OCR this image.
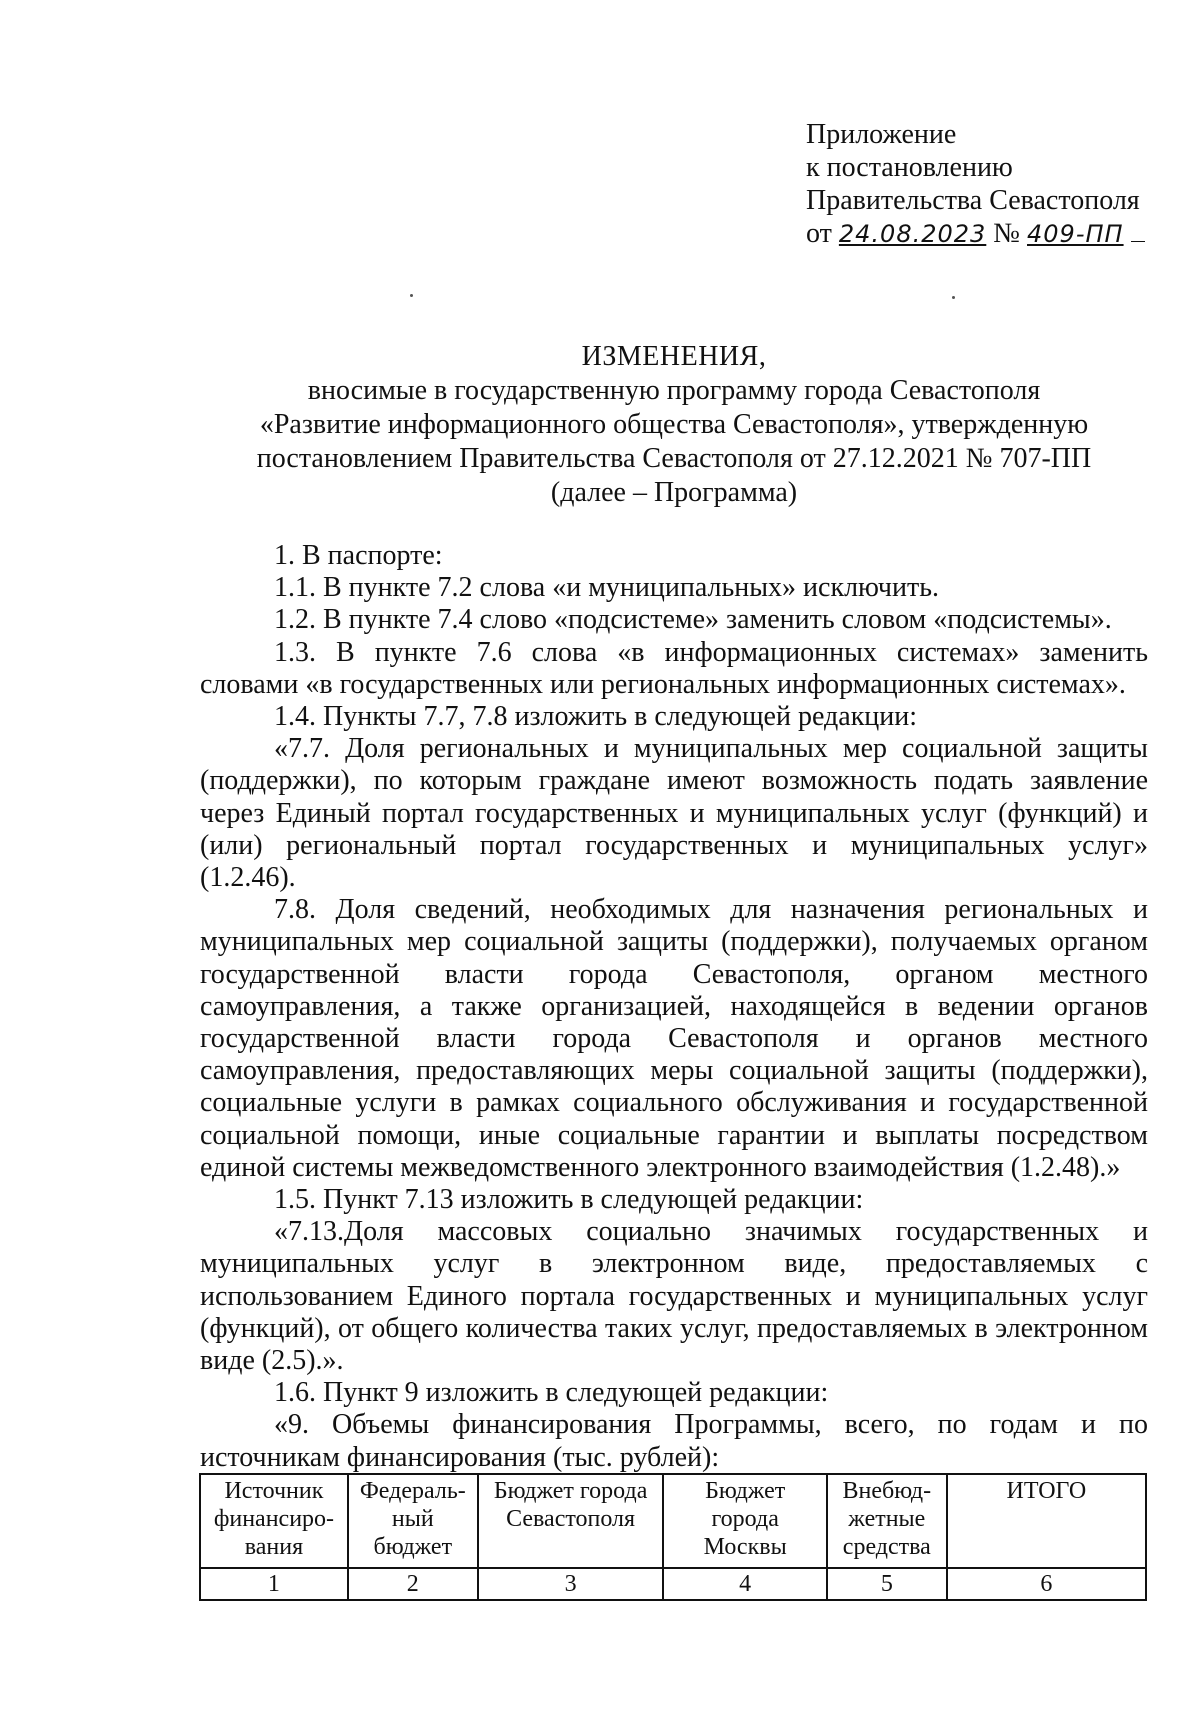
Приложение
к постановлению
Правительства Севастополя
от 24.08.2023 № 409-ПП
ИЗМЕНЕНИЯ,
вносимые в государственную программу города Севастополя
«Развитие информационного общества Севастополя», утвержденную
постановлением Правительства Севастополя от 27.12.2021 № 707-ПП
(далее – Программа)

1. В паспорте:

1.1. В пункте 7.2 слова «и муниципальных» исключить.

1.2. В пункте 7.4 слово «подсистеме» заменить словом «подсистемы».

1.3. В пункте 7.6 слова «в информационных системах» заменить словами «в государственных или региональных информационных системах».

1.4. Пункты 7.7, 7.8 изложить в следующей редакции:

«7.7. Доля региональных и муниципальных мер социальной защиты (поддержки), по которым граждане имеют возможность подать заявление через Единый портал государственных и муниципальных услуг (функций) и (или) региональный портал государственных и муниципальных услуг» (1.2.46).

7.8. Доля сведений, необходимых для назначения региональных и муниципальных мер социальной защиты (поддержки), получаемых органом государственной власти города Севастополя, органом местного самоуправления, а также организацией, находящейся в ведении органов государственной власти города Севастополя и органов местного самоуправления, предоставляющих меры социальной защиты (поддержки), социальные услуги в рамках социального обслуживания и государственной социальной помощи, иные социальные гарантии и выплаты посредством единой системы межведомственного электронного взаимодействия (1.2.48).»

1.5. Пункт 7.13 изложить в следующей редакции:

«7.13.Доля массовых социально значимых государственных и муниципальных услуг в электронном виде, предоставляемых с использованием Единого портала государственных и муниципальных услуг (функций), от общего количества таких услуг, предоставляемых в электронном виде (2.5).».

1.6. Пункт 9 изложить в следующей редакции:

«9. Объемы финансирования Программы, всего, по годам и по источникам финансирования (тыс. рублей):

Источник финансиро-вания	Федераль-ный бюджет	Бюджет города Севастополя	Бюджет города Москвы	Внебюд-жетные средства	ИТОГО
1	2	3	4	5	6
